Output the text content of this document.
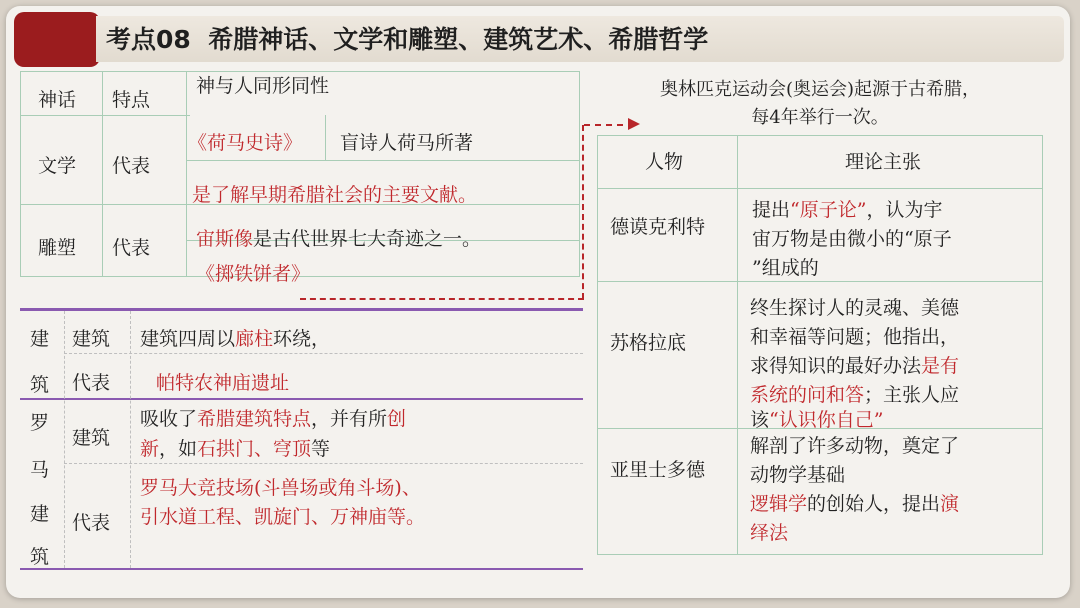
考点08 希腊神话、文学和雕塑、建筑艺术、希腊哲学
神话 特点
神与人同形同性
文学 代表
《荷马史诗》 盲诗人荷马所著
是了解早期希腊社会的主要文献。
雕塑 代表 宙斯像是古代世界七大奇迹之一。
《掷铁饼者》
建
筑
建筑 建筑四周以廊柱环绕，
代表 帕特农神庙遗址
罗
马
建
筑
建筑
吸收了希腊建筑特点，并有所创
新，如石拱门、穹顶等
代表
罗马大竞技场(斗兽场或角斗场)、
引水道工程、凯旋门、万神庙等。
奥林匹克运动会(奥运会)起源于古希腊，
每4年举行一次。
人物	理论主张
德谟克利特
提出“原子论”，认为宇
宙万物是由微小的“原子
”组成的
苏格拉底
终生探讨人的灵魂、美德
和幸福等问题；他指出，
求得知识的最好办法是有
系统的问和答；主张人应
该“认识你自己”
亚里士多德
解剖了许多动物，奠定了
动物学基础
逻辑学的创始人，提出演
绎法
